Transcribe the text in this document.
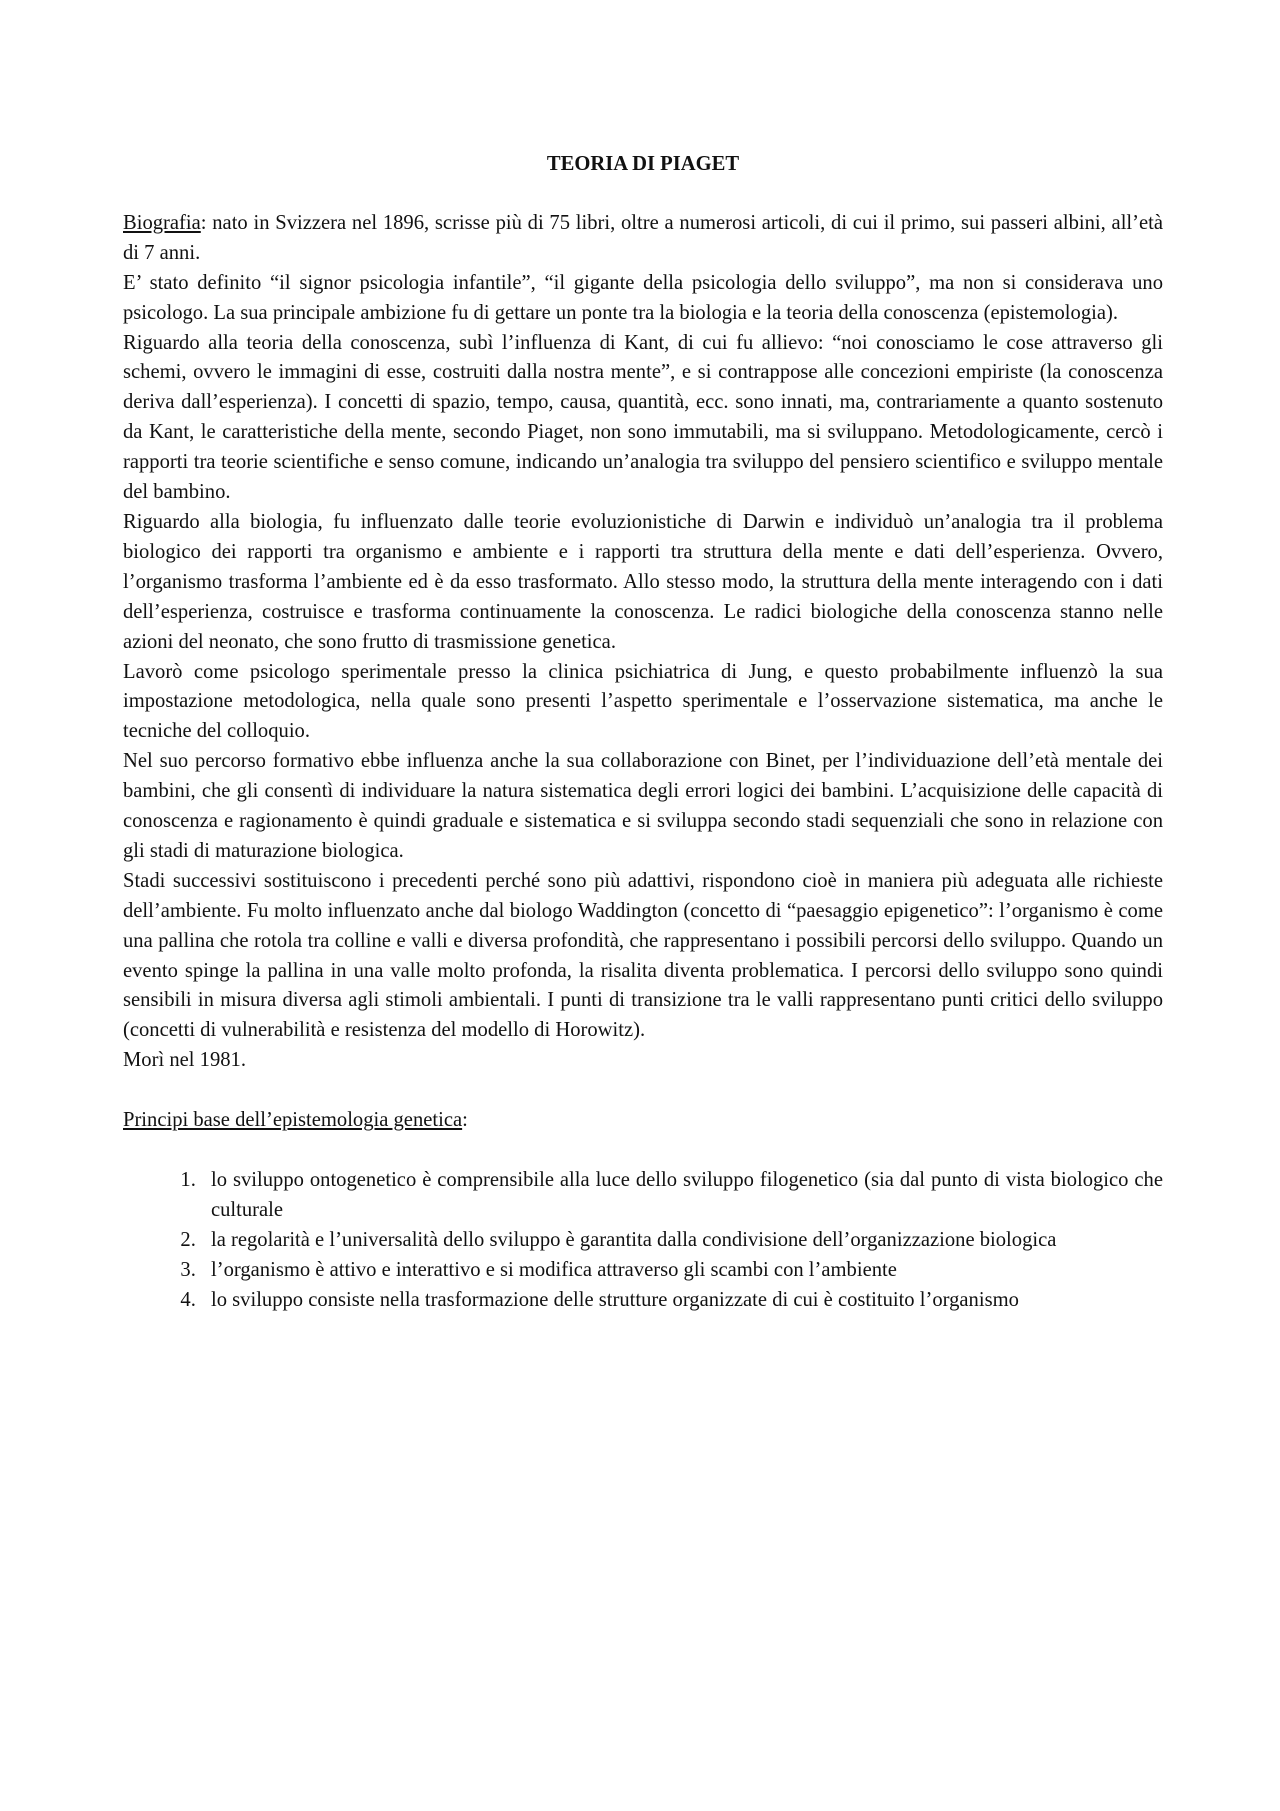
TEORIA DI PIAGET

Biografia: nato in Svizzera nel 1896, scrisse più di 75 libri, oltre a numerosi articoli, di cui il primo, sui passeri albini, all’età di 7 anni.

E’ stato definito “il signor psicologia infantile”, “il gigante della psicologia dello sviluppo”, ma non si considerava uno psicologo. La sua principale ambizione fu di gettare un ponte tra la biologia e la teoria della conoscenza (epistemologia).

Riguardo alla teoria della conoscenza, subì l’influenza di Kant, di cui fu allievo: “noi conosciamo le cose attraverso gli schemi, ovvero le immagini di esse, costruiti dalla nostra mente”, e si contrappose alle concezioni empiriste (la conoscenza deriva dall’esperienza). I concetti di spazio, tempo, causa, quantità, ecc. sono innati, ma, contrariamente a quanto sostenuto da Kant, le caratteristiche della mente, secondo Piaget, non sono immutabili, ma si sviluppano. Metodologicamente, cercò i rapporti tra teorie scientifiche e senso comune, indicando un’analogia tra sviluppo del pensiero scientifico e sviluppo mentale del bambino.

Riguardo alla biologia, fu influenzato dalle teorie evoluzionistiche di Darwin e individuò un’analogia tra il problema biologico dei rapporti tra organismo e ambiente e i rapporti tra struttura della mente e dati dell’esperienza. Ovvero, l’organismo trasforma l’ambiente ed è da esso trasformato. Allo stesso modo, la struttura della mente interagendo con i dati dell’esperienza, costruisce e trasforma continuamente la conoscenza. Le radici biologiche della conoscenza stanno nelle azioni del neonato, che sono frutto di trasmissione genetica.

Lavorò come psicologo sperimentale presso la clinica psichiatrica di Jung, e questo probabilmente influenzò la sua impostazione metodologica, nella quale sono presenti l’aspetto sperimentale e l’osservazione sistematica, ma anche le tecniche del colloquio.

Nel suo percorso formativo ebbe influenza anche la sua collaborazione con Binet, per l’individuazione dell’età mentale dei bambini, che gli consentì di individuare la natura sistematica degli errori logici dei bambini. L’acquisizione delle capacità di conoscenza e ragionamento è quindi graduale e sistematica e si sviluppa secondo stadi sequenziali che sono in relazione con gli stadi di maturazione biologica.

Stadi successivi sostituiscono i precedenti perché sono più adattivi, rispondono cioè in maniera più adeguata alle richieste dell’ambiente. Fu molto influenzato anche dal biologo Waddington (concetto di “paesaggio epigenetico”: l’organismo è come una pallina che rotola tra colline e valli e diversa profondità, che rappresentano i possibili percorsi dello sviluppo. Quando un evento spinge la pallina in una valle molto profonda, la risalita diventa problematica. I percorsi dello sviluppo sono quindi sensibili in misura diversa agli stimoli ambientali. I punti di transizione tra le valli rappresentano punti critici dello sviluppo (concetti di vulnerabilità e resistenza del modello di Horowitz).

Morì nel 1981.

Principi base dell’epistemologia genetica:

1. lo sviluppo ontogenetico è comprensibile alla luce dello sviluppo filogenetico (sia dal punto di vista biologico che culturale
2. la regolarità e l’universalità dello sviluppo è garantita dalla condivisione dell’organizzazione biologica
3. l’organismo è attivo e interattivo e si modifica attraverso gli scambi con l’ambiente
4. lo sviluppo consiste nella trasformazione delle strutture organizzate di cui è costituito l’organismo
